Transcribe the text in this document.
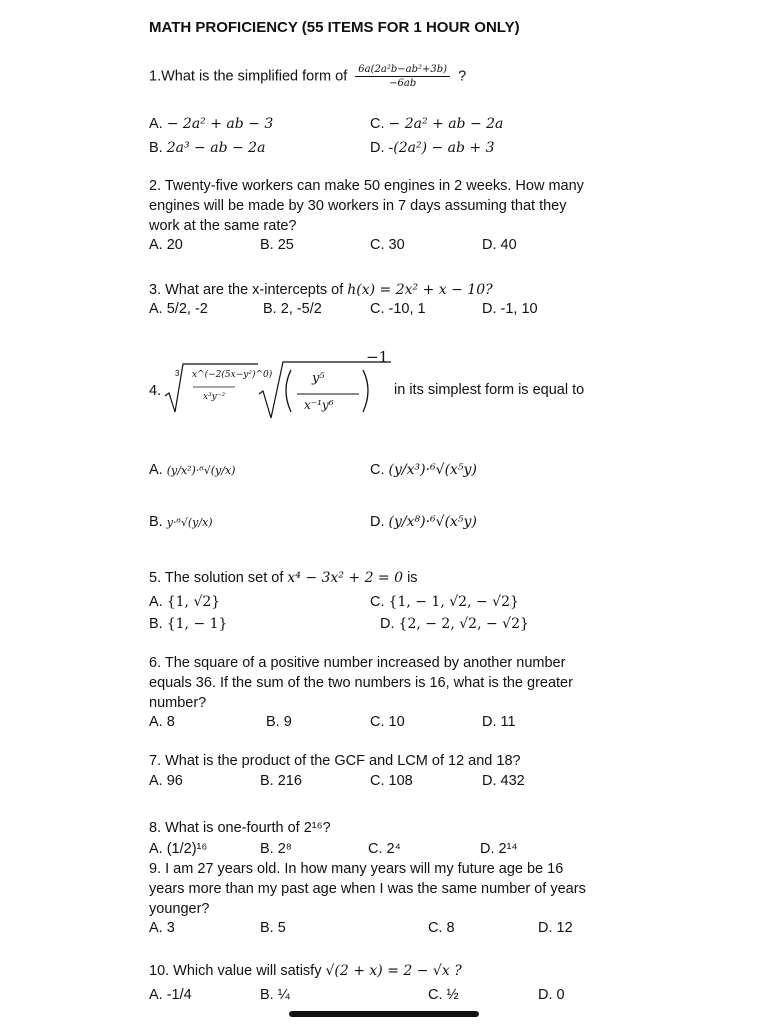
MATH PROFICIENCY (55 ITEMS FOR 1 HOUR ONLY)
1.What is the simplified form of $\frac{\text{6a(2a²b−ab²+3b)}}{-6ab}$ ?
A. − 2a² + ab − 3	C. − 2a² + ab − 2a
B. 2a³ − ab − 2a	D. -(2a²) − ab + 3
2. Twenty-five workers can make 50 engines in 2 weeks. How many
engines will be made by 30 workers in 7 days assuming that they
work at the same rate?
A. 20	B. 25	C. 30	D. 40
3. What are the x-intercepts of h(x) = 2x² + x − 10?
A. 5/2, -2	B. 2, -5/2	C. -10, 1	D. -1, 10
4.
3 x^(−2(5x−y²)^0)
x³y⁻²
−1
y⁵
x⁻¹y⁶
in its simplest form is equal to
A. (y/x²)·⁶√(y/x)	C. (y/x³)·⁶√(x⁵y)
B. y·⁶√(y/x)	D. (y/x⁸)·⁶√(x⁵y)
5. The solution set of x⁴ − 3x² + 2 = 0 is
A. {1, √2}	C. {1, − 1, √2, − √2}
B. {1, − 1}	D. {2, − 2, √2, − √2}
6. The square of a positive number increased by another number
equals 36. If the sum of the two numbers is 16, what is the greater
number?
A. 8	B. 9	C. 10	D. 11
7. What is the product of the GCF and LCM of 12 and 18?
A. 96	B. 216	C. 108	D. 432
8. What is one-fourth of 2¹⁶?
A. (1/2)¹⁶	B. 2⁸	C. 2⁴	D. 2¹⁴
9. I am 27 years old. In how many years will my future age be 16
years more than my past age when I was the same number of years
younger?
A. 3	B. 5	C. 8	D. 12
10. Which value will satisfy √(2 + x) = 2 − √x ?
A. -1/4	B. ¼	C. ½	D. 0
